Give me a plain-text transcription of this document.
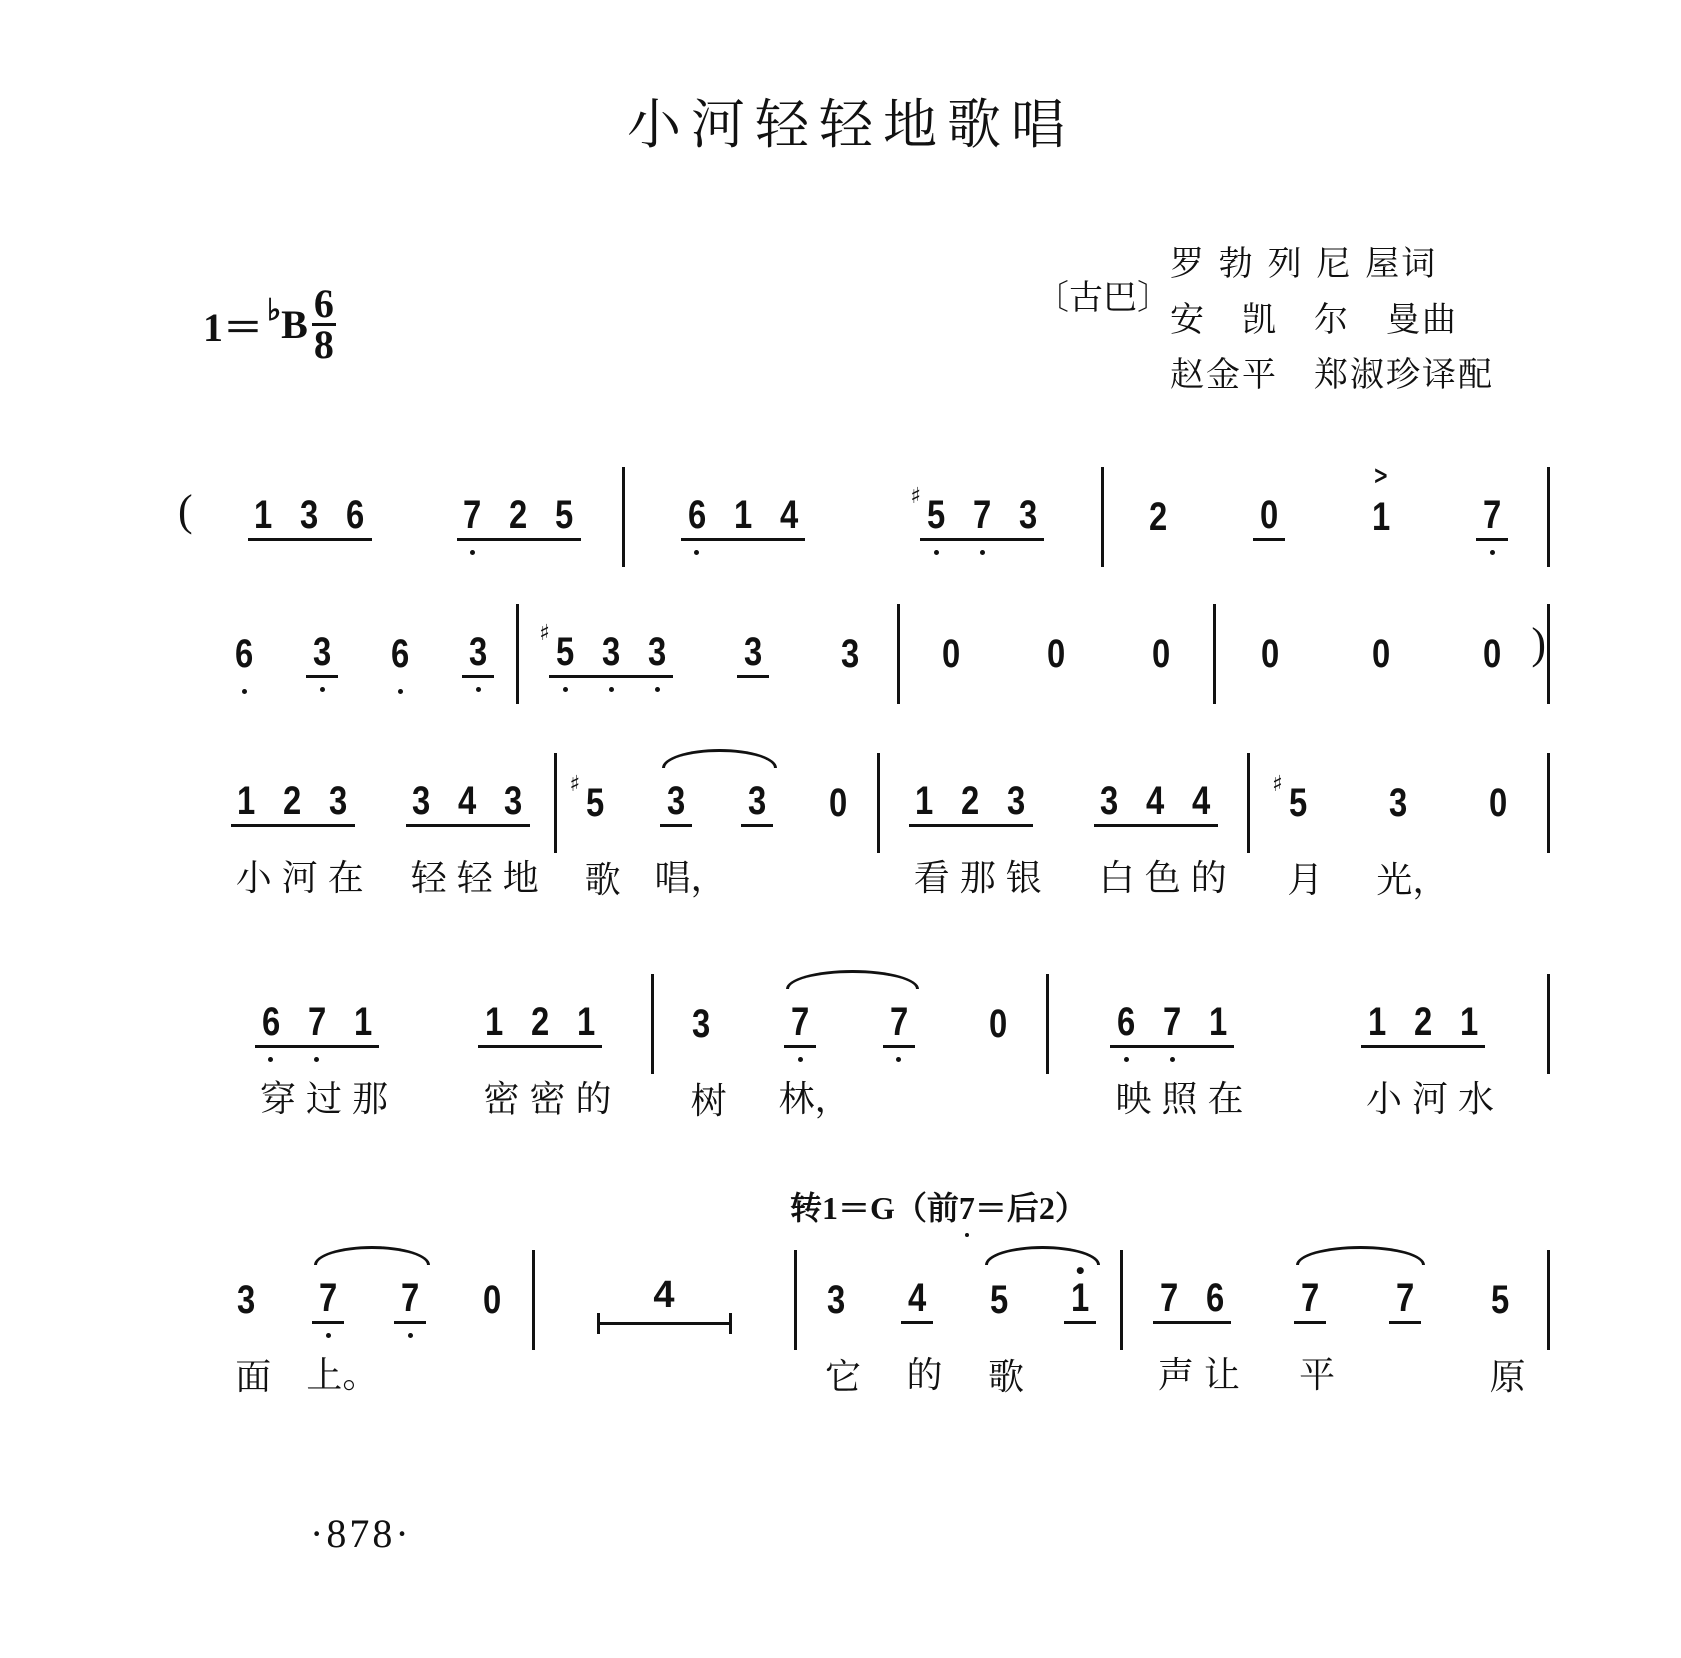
小河轻轻地歌唱
1＝ ♭ B $\frac{6}{8}$	〔古巴〕
罗 勃 列 尼 屋词
安　凯　尔　曼曲
赵金平　郑淑珍译配
( 1 3 6 7 2 5	6 1 4	♯ 5 7 3	2 0
>
1 7
6 3 6 3 ♯ 5 3 3 3 3 0 0 0 0 0 0 )
1
小
2
河
3
在
3
轻
4
轻
3
地
♯ 5
歌
3
唱，
3 0 1
看
2
那
3
银
3
白
4
色
4
的
♯ 5
月
3
光，
0
6
穿
7
过
1
那
1
密
2
密
1
的
3
树
7
林，
7 0	6
映
7
照
1
在
1
小
2
河
1
水
3
面
7
上。
7 0	4	3
它
4
的
5
歌
•
1 7
声
6
让
7
平
7 5
原
转1＝G（前7＝后2）
·878·
